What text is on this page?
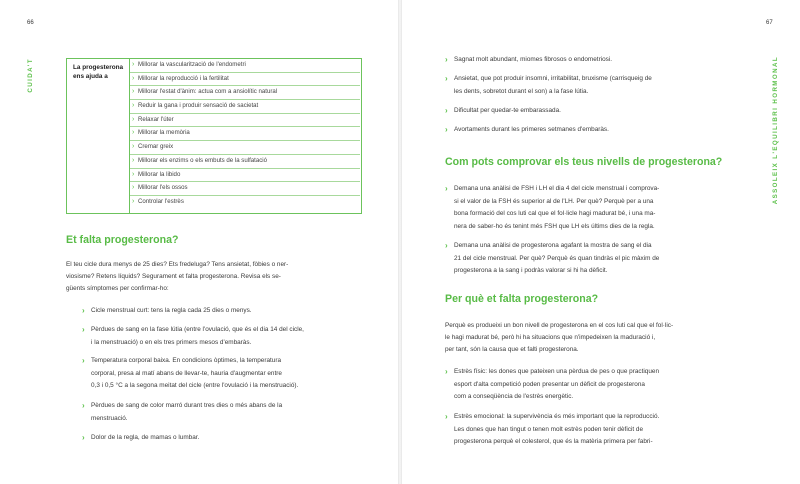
66
CUIDA'T	La progesterona ens ajuda a
› Millorar la vascularització de l'endometri
› Millorar la reproducció i la fertilitat
› Millorar l'estat d'ànim: actua com a ansiolític natural
› Reduir la gana i produir sensació de sacietat
› Relaxar l'úter
› Millorar la memòria
› Cremar greix
› Millorar els enzims o els embuts de la sulfatació
› Millorar la libido
› Millorar l'els ossos
› Controlar l'estrès
Et falta progesterona?
El teu cicle dura menys de 25 dies? Ets fredeluga? Tens ansietat, fòbies o ner-
viosisme? Retens líquids? Segurament et falta progesterona. Revisa els se-
güents símptomes per confirmar-ho:
› Cicle menstrual curt: tens la regla cada 25 dies o menys.
› Pèrdues de sang en la fase lútia (entre l'ovulació, que és el dia 14 del cicle,
i la menstruació) o en els tres primers mesos d'embaràs.
› Temperatura corporal baixa. En condicions òptimes, la temperatura
corporal, presa al matí abans de llevar-te, hauria d'augmentar entre
0,3 i 0,5 °C a la segona meitat del cicle (entre l'ovulació i la menstruació).
› Pèrdues de sang de color marró durant tres dies o més abans de la
menstruació.
› Dolor de la regla, de mamas o lumbar.
67
ASSOLEIX L'EQUILIBRI HORMONAL
› Sagnat molt abundant, miomes fibrosos o endometriosi.
› Ansietat, que pot produir insomni, irritabilitat, bruxisme (carrisqueig de
les dents, sobretot durant el son) a la fase lútia.
› Dificultat per quedar-te embarassada.
› Avortaments durant les primeres setmanes d'embaràs.
Com pots comprovar els teus nivells de progesterona?
› Demana una anàlisi de FSH i LH el dia 4 del cicle menstrual i comprova-
si el valor de la FSH és superior al de l'LH. Per què? Perquè per a una
bona formació del cos luti cal que el fol·licle hagi madurat bé, i una ma-
nera de saber-ho és tenint més FSH que LH els últims dies de la regla.
› Demana una anàlisi de progesterona agafant la mostra de sang el dia
21 del cicle menstrual. Per què? Perquè és quan tindràs el pic màxim de
progesterona a la sang i podràs valorar si hi ha dèficit.
Per què et falta progesterona?
Perquè es produeixi un bon nivell de progesterona en el cos luti cal que el fol·lic-
le hagi madurat bé, però hi ha situacions que n'impedeixen la maduració i,
per tant, són la causa que et falti progesterona.
› Estrès físic: les dones que pateixen una pèrdua de pes o que practiquen
esport d'alta competició poden presentar un dèficit de progesterona
com a conseqüència de l'estrès energètic.
› Estrès emocional: la supervivència és més important que la reproducció.
Les dones que han tingut o tenen molt estrès poden tenir dèficit de
progesterona perquè el colesterol, que és la matèria primera per fabri-
